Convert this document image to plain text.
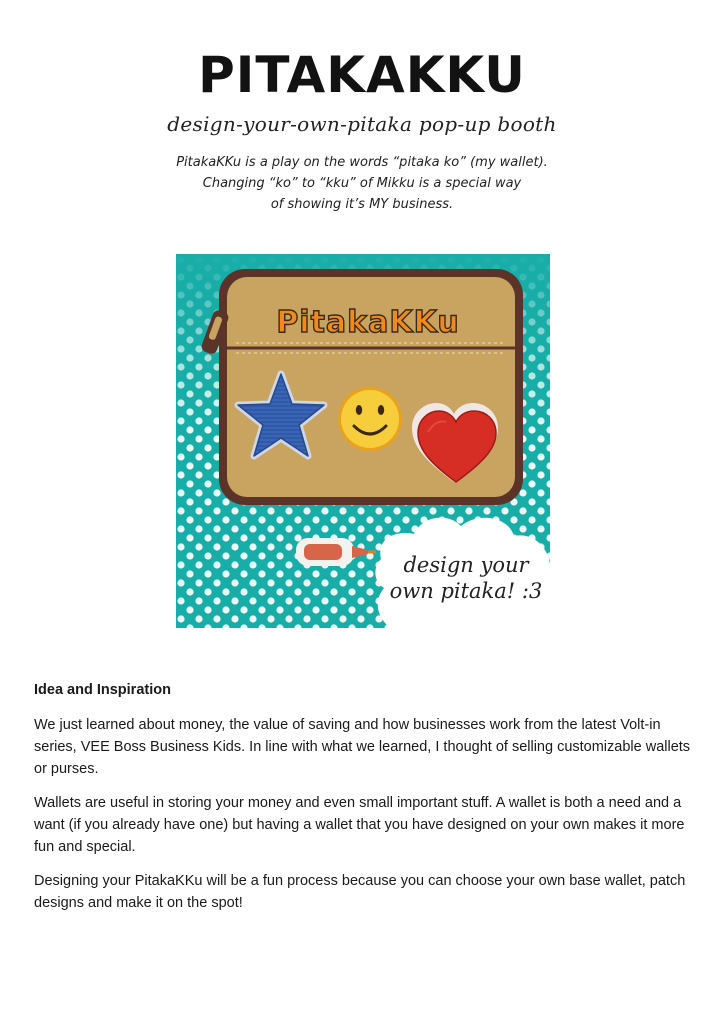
PITAKAKKU
design-your-own-pitaka pop-up booth
PitakaKKu is a play on the words “pitaka ko” (my wallet).
Changing “ko” to “kku” of Mikku is a special way
of showing it’s MY business.
PitakaKKu
design your
own pitaka! :3
Idea and Inspiration

We just learned about money, the value of saving and how businesses work from the latest Volt-in series, VEE Boss Business Kids. In line with what we learned, I thought of selling customizable wallets or purses.

Wallets are useful in storing your money and even small important stuff. A wallet is both a need and a want (if you already have one) but having a wallet that you have designed on your own makes it more fun and special.

Designing your PitakaKKu will be a fun process because you can choose your own base wallet, patch designs and make it on the spot!
